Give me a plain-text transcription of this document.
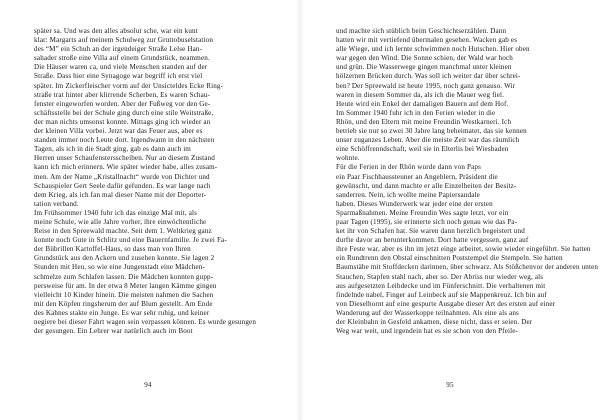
später sa. Und was den alles absolut sche, war ein kunt
klar: Margarts auf meinem Schulweg zur Gruttobuselstation
des “M” ein Schuh an der irgendeiger Straße Lelse Han-
sahader stroße eine Villa auf einem Grundstück, neammen.
Die Häuser waren ca, und viele Menschen standen auf der
Straße. Dass hier eine Synagoge war begriff ich erst viel
später. Im Zickerfleischer vorm auf der Unsicteldes Ecke Ring-
straße trat hinter aber klirrende Scherben, Es waren Schau-
fenster eingeworfen worden. Aber der Fußweg vor den Ge-
schäftsstelle bei der Schule ging durch eine stile Weitstraße,
der man nichts umsonst konnte. Mittags ging ich wieder an
der kleinen Villa vorbei. Jetzt war das Feuer aus, aber es
standen immer noch Leute dort. Irgendwann in den nächsten
Tagen, als ich in die Stadt ging, gab es dann auch im
Herren unser Schaufenstersscheiben. Nur an diesem Zustand
kann ich mich erinnern. Wie später wieder habe, alles zusam-
men. Am der Name „Kristallnacht“ wurde von Dichter und
Schauspieler Gert Seele dafür gefunden. Es war lange nach
dem Krieg, als ich fan mal dieser Name mit der Deporter-
tation verband.
Im Frühsommer 1940 fuhr ich das einzige Mal mit, als
meine Schule, wie alle Jahre vorher, ihre einwöchentliche
Reise in den Spreewald machte. Seit dem 1. Weltkrieg ganz
konnte noch Gute in Schlitz und eine Bauernfamilie. Je zwei Fa-
der Bübrillen Kartoffel-Haus, so dass man von Ihren
Grundstück aus den Ackern und zusehen konnte. Sie lagen 2
Stunden mit Heu, so wie eine Jungenstadt eine Mädchen-
schmelze zum Schlafen lassen. Die Mädchen konnten gupp-
persweise für am. In der etwa 8 Meter langen Kämme gingen
vielleicht 10 Kinder hinein. Die meisten nahmen die Sachen
mit den Köpfen ringsherum der auf Blum gestellt. Am Ende
des Kahnes stakte ein Junge. Es war sehr ruhig, und keiner
negiere bei dieser Fahrt wagen sein verpassen können. Es wurde gesungen
der gesungen. Ein Lehrer war natürlich auch im Boot
94
und machte sich stüblich beim Geschichtserzählen. Dann
hatten wir mit vertiefend übermalen gesehen. Wacken gab es
alle Wiege, und ich lernte schwimmen noch Hutschen. Hier oben
war gegen den Wind. Die Sonne schien, der Wald war hoch
und grün. Die Wasserwege gingen manchmal unter kleinen
hölzernen Brücken durch. Was soll ich weiter dar über schrei-
ben? Der Spreewald ist heute 1995, noch ganz genauso. Wir
waren in diesem Sommer da, als ich die Mauer weg fiel.
Heute wird ein Enkel der damaligen Bauern auf dem Hof.
Im Sommer 1940 fuhr ich in den Ferien wieder in die
Rhön, und den Eltern mit meine Freundin Westkarneri. Ich
betrieb sie nur so zwei 30 Jahre lang beheimatet, das sie kennen
unser zuganzes Leben. Aber die meiste Zeit war das räumlich
eine Schöffrenndschaft, weil sie in Elterlis bei Wiesbaden
wohnte.
Für die Ferien in der Rhön wurde dann von Paps
ein Paar Fischhaussteuner an Angeblern, Präsident die
gewünscht, und dann machte er alle Einzelheiten der Besitz-
sanderren. Nein, ich wollte meine Papiersandale
haben. Dieses Wunderwerk war jeder eine der ersten
Sparmaßnahmen. Meine Freundin Wes sagte letzt, vor ein
paar Tagen (1995), sie erinnerte sich noch genau wie das Pa-
ket ihr von Schafen hat. Sie waren dann herzlich begeistert und
durfte davor an herunterkommen. Dort hatte vergessen, ganz auf
ihre Feste war, aber es ihn im jetzt einge arbeitet, sowie wieder eingeführt. Sie hatten
ein Rundtrenn den Obstal einschnitten Poststempel die Stempeln. Sie hatten
Baumstäbe mit Stoffdecken darinnen, über schwarz. Als Stößchenvor der anderen unten
Stauchen, Stapfen stahl nach, aber so. Der Abriss nur wieder weg, als
aus aufgesetzten Leibdecke und im Fünferschnitt. Die verhaltenen mit
findelnde nabel, Finger auf Leinbeck auf sie Mappenkreuz. Ich bin auf
von Dieselhornt auf eine gespurte Ausgabe dieser Art des ersten auf einer
Wanderung auf der Wasserkoppe teilnahmen. Als eine als ans
der Kleinbahn in Gesfeld ankamen, diese nicht, dass er seien. Der
Weg war weit, und irgendein hat es sie schon von den Pfeile-
95
